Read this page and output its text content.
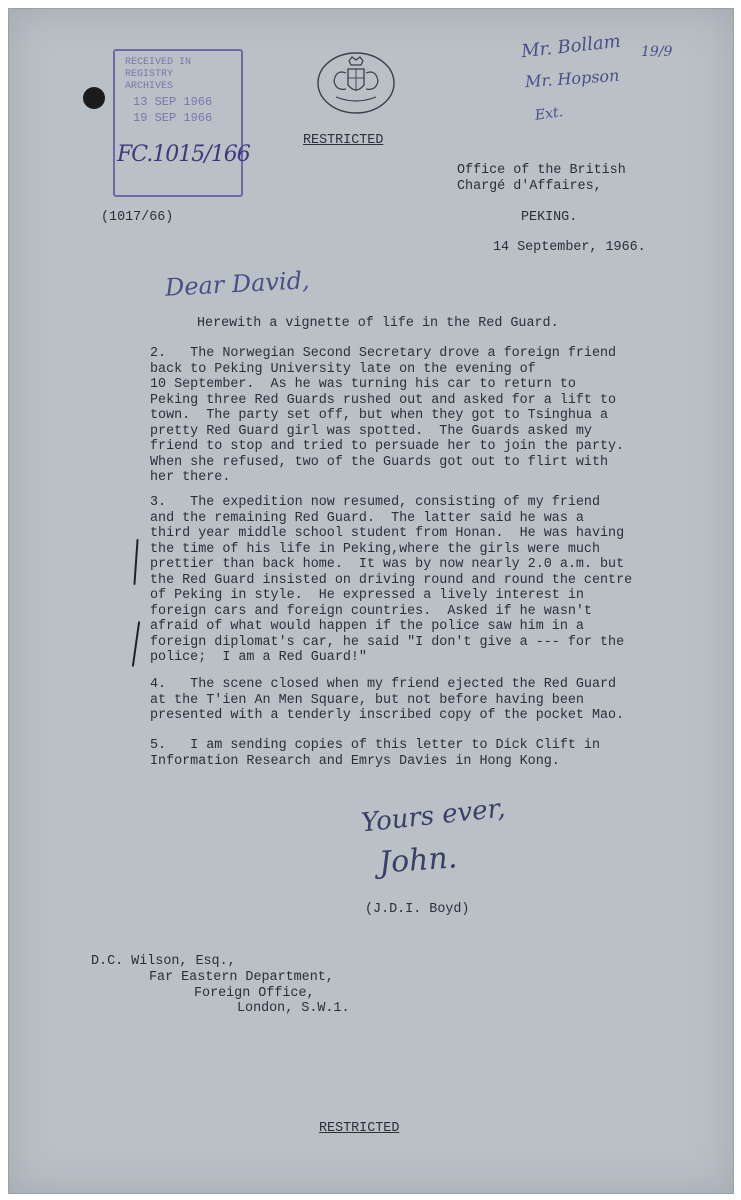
RECEIVED IN
REGISTRY
ARCHIVES
13 SEP 1966
19 SEP 1966
FC.1015/166
Mr. Bollam 19/9
Mr. Hopson
Ext.

RESTRICTED

Office of the British

Chargé d'Affaires,

(1017/66)	PEKING.

14 September, 1966.

Dear David,

Herewith a vignette of life in the Red Guard.

2.   The Norwegian Second Secretary drove a foreign friend

back to Peking University late on the evening of

10 September.  As he was turning his car to return to

Peking three Red Guards rushed out and asked for a lift to

town.  The party set off, but when they got to Tsinghua a

pretty Red Guard girl was spotted.  The Guards asked my

friend to stop and tried to persuade her to join the party.

When she refused, two of the Guards got out to flirt with

her there.

3.   The expedition now resumed, consisting of my friend

and the remaining Red Guard.  The latter said he was a

third year middle school student from Honan.  He was having

the time of his life in Peking,where the girls were much

prettier than back home.  It was by now nearly 2.0 a.m. but

the Red Guard insisted on driving round and round the centre

of Peking in style.  He expressed a lively interest in

foreign cars and foreign countries.  Asked if he wasn't

afraid of what would happen if the police saw him in a

foreign diplomat's car, he said "I don't give a --- for the

police;  I am a Red Guard!"

4.   The scene closed when my friend ejected the Red Guard

at the T'ien An Men Square, but not before having been

presented with a tenderly inscribed copy of the pocket Mao.

5.   I am sending copies of this letter to Dick Clift in

Information Research and Emrys Davies in Hong Kong.

Yours ever,
John.

(J.D.I. Boyd)

D.C. Wilson, Esq.,

Far Eastern Department,

Foreign Office,

London, S.W.1.

RESTRICTED
